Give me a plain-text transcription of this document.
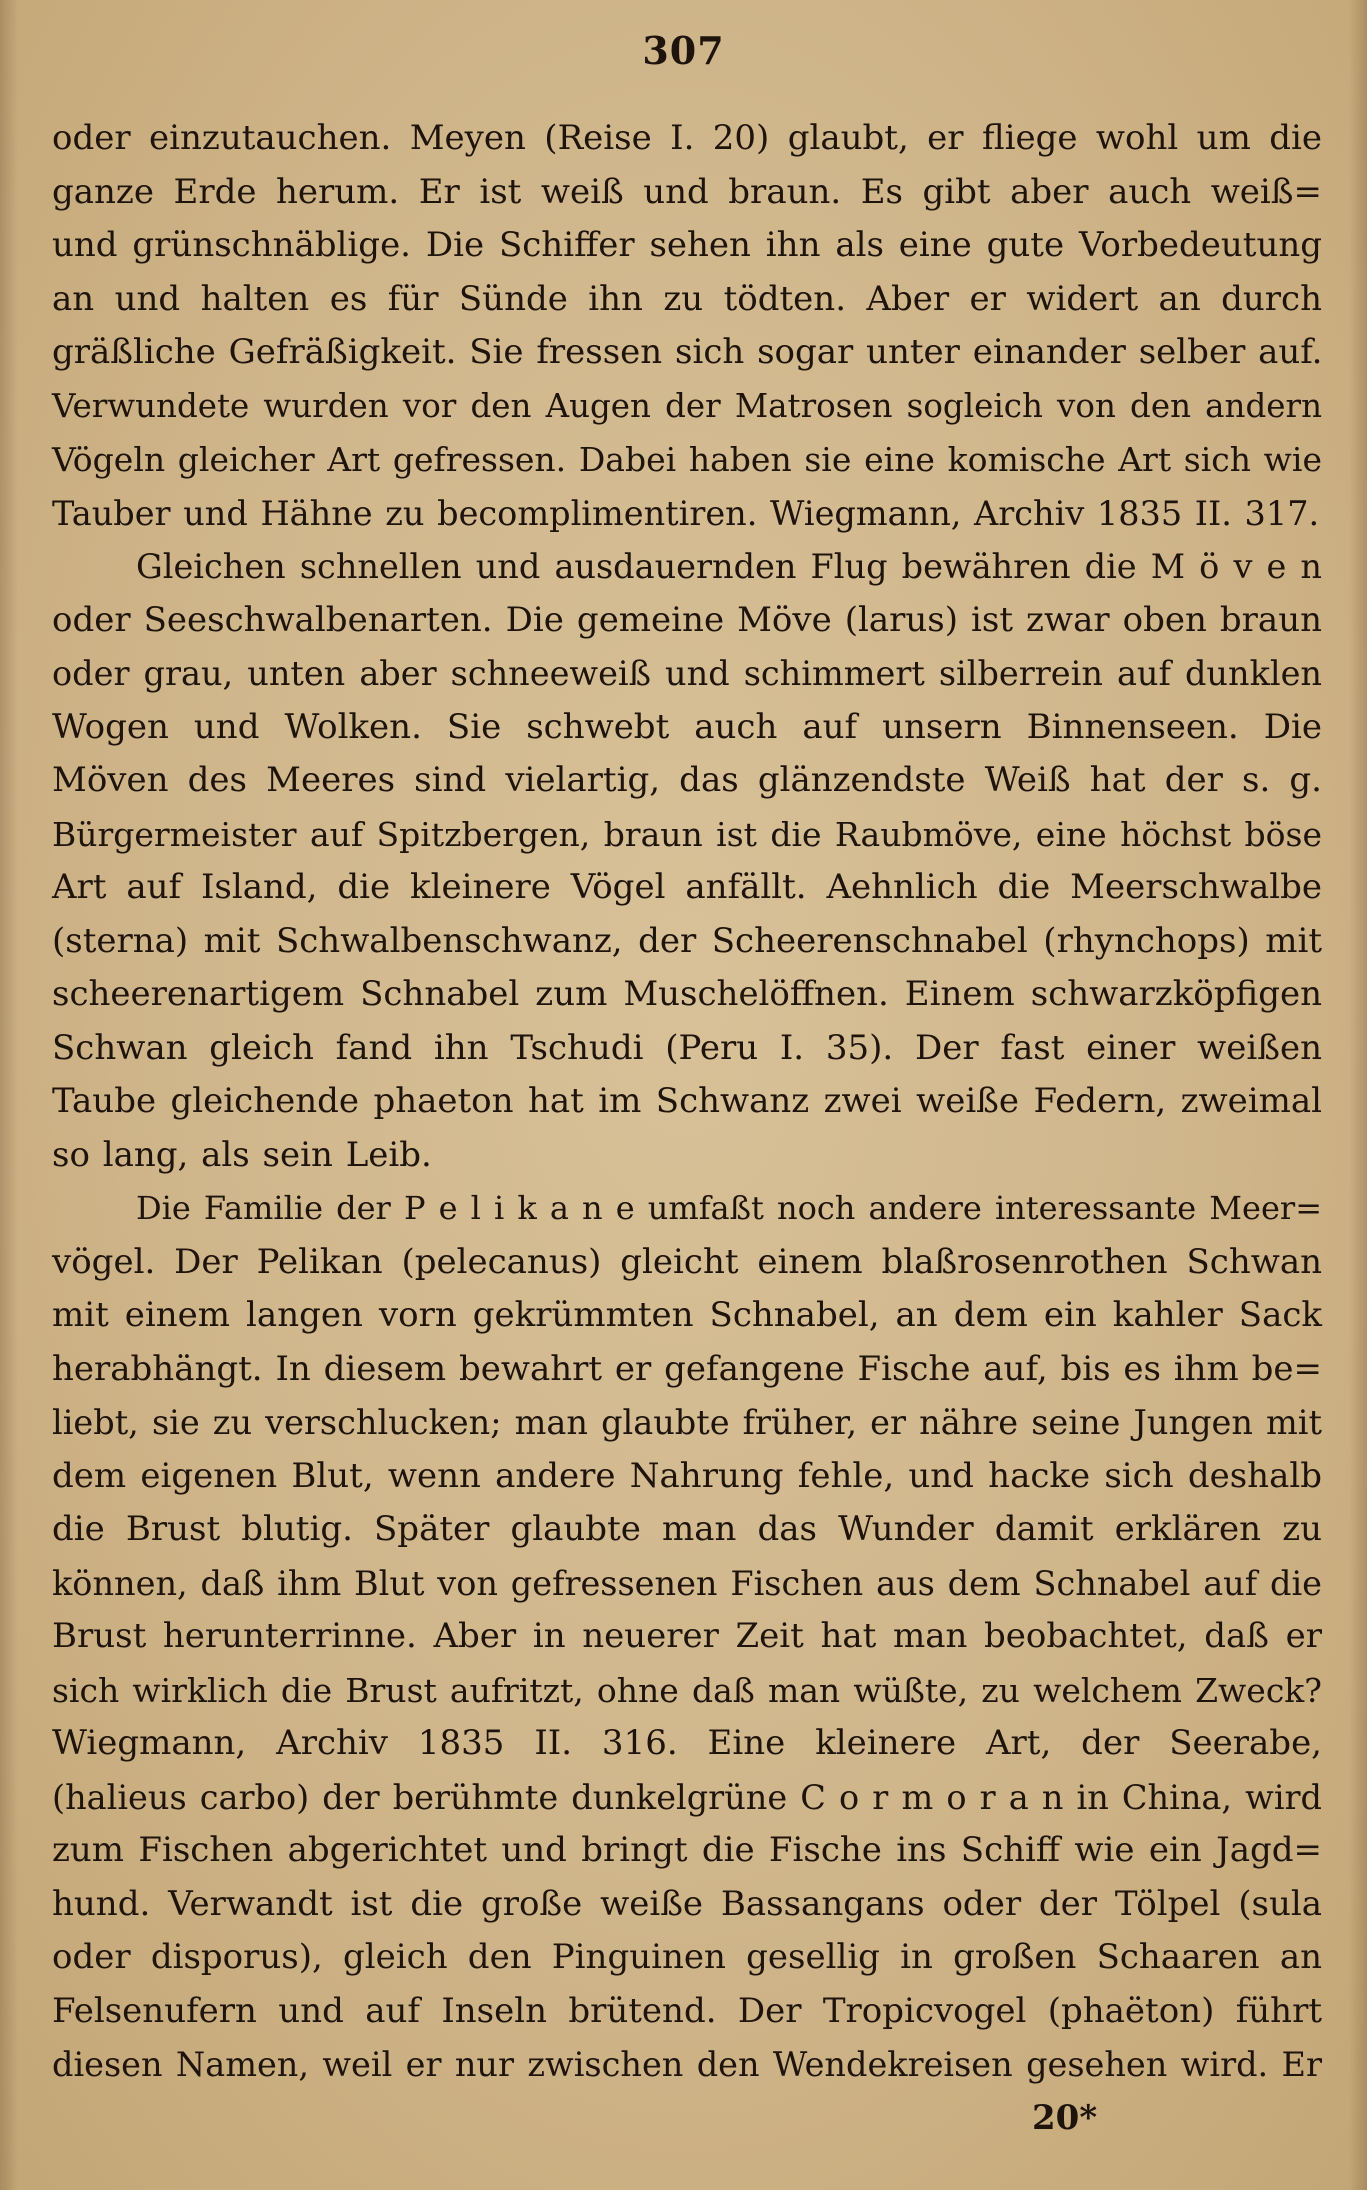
307
oder einzutauchen. Meyen (Reise I. 20) glaubt, er fliege wohl um die
ganze Erde herum. Er ist weiß und braun. Es gibt aber auch weiß=
und grünschnäblige. Die Schiffer sehen ihn als eine gute Vorbedeutung
an und halten es für Sünde ihn zu tödten. Aber er widert an durch
gräßliche Gefräßigkeit. Sie fressen sich sogar unter einander selber auf.
Verwundete wurden vor den Augen der Matrosen sogleich von den andern
Vögeln gleicher Art gefressen. Dabei haben sie eine komische Art sich wie
Tauber und Hähne zu becomplimentiren. Wiegmann, Archiv 1835 II. 317.
Gleichen schnellen und ausdauernden Flug bewähren die M ö v e n
oder Seeschwalbenarten. Die gemeine Möve (larus) ist zwar oben braun
oder grau, unten aber schneeweiß und schimmert silberrein auf dunklen
Wogen und Wolken. Sie schwebt auch auf unsern Binnenseen. Die
Möven des Meeres sind vielartig, das glänzendste Weiß hat der s. g.
Bürgermeister auf Spitzbergen, braun ist die Raubmöve, eine höchst böse
Art auf Island, die kleinere Vögel anfällt. Aehnlich die Meerschwalbe
(sterna) mit Schwalbenschwanz, der Scheerenschnabel (rhynchops) mit
scheerenartigem Schnabel zum Muschelöffnen. Einem schwarzköpfigen
Schwan gleich fand ihn Tschudi (Peru I. 35). Der fast einer weißen
Taube gleichende phaeton hat im Schwanz zwei weiße Federn, zweimal
so lang, als sein Leib.
Die Familie der P e l i k a n e umfaßt noch andere interessante Meer=
vögel. Der Pelikan (pelecanus) gleicht einem blaßrosenrothen Schwan
mit einem langen vorn gekrümmten Schnabel, an dem ein kahler Sack
herabhängt. In diesem bewahrt er gefangene Fische auf, bis es ihm be=
liebt, sie zu verschlucken; man glaubte früher, er nähre seine Jungen mit
dem eigenen Blut, wenn andere Nahrung fehle, und hacke sich deshalb
die Brust blutig. Später glaubte man das Wunder damit erklären zu
können, daß ihm Blut von gefressenen Fischen aus dem Schnabel auf die
Brust herunterrinne. Aber in neuerer Zeit hat man beobachtet, daß er
sich wirklich die Brust aufritzt, ohne daß man wüßte, zu welchem Zweck?
Wiegmann, Archiv 1835 II. 316. Eine kleinere Art, der Seerabe,
(halieus carbo) der berühmte dunkelgrüne C o r m o r a n in China, wird
zum Fischen abgerichtet und bringt die Fische ins Schiff wie ein Jagd=
hund. Verwandt ist die große weiße Bassangans oder der Tölpel (sula
oder disporus), gleich den Pinguinen gesellig in großen Schaaren an
Felsenufern und auf Inseln brütend. Der Tropicvogel (phaëton) führt
diesen Namen, weil er nur zwischen den Wendekreisen gesehen wird. Er
20*
